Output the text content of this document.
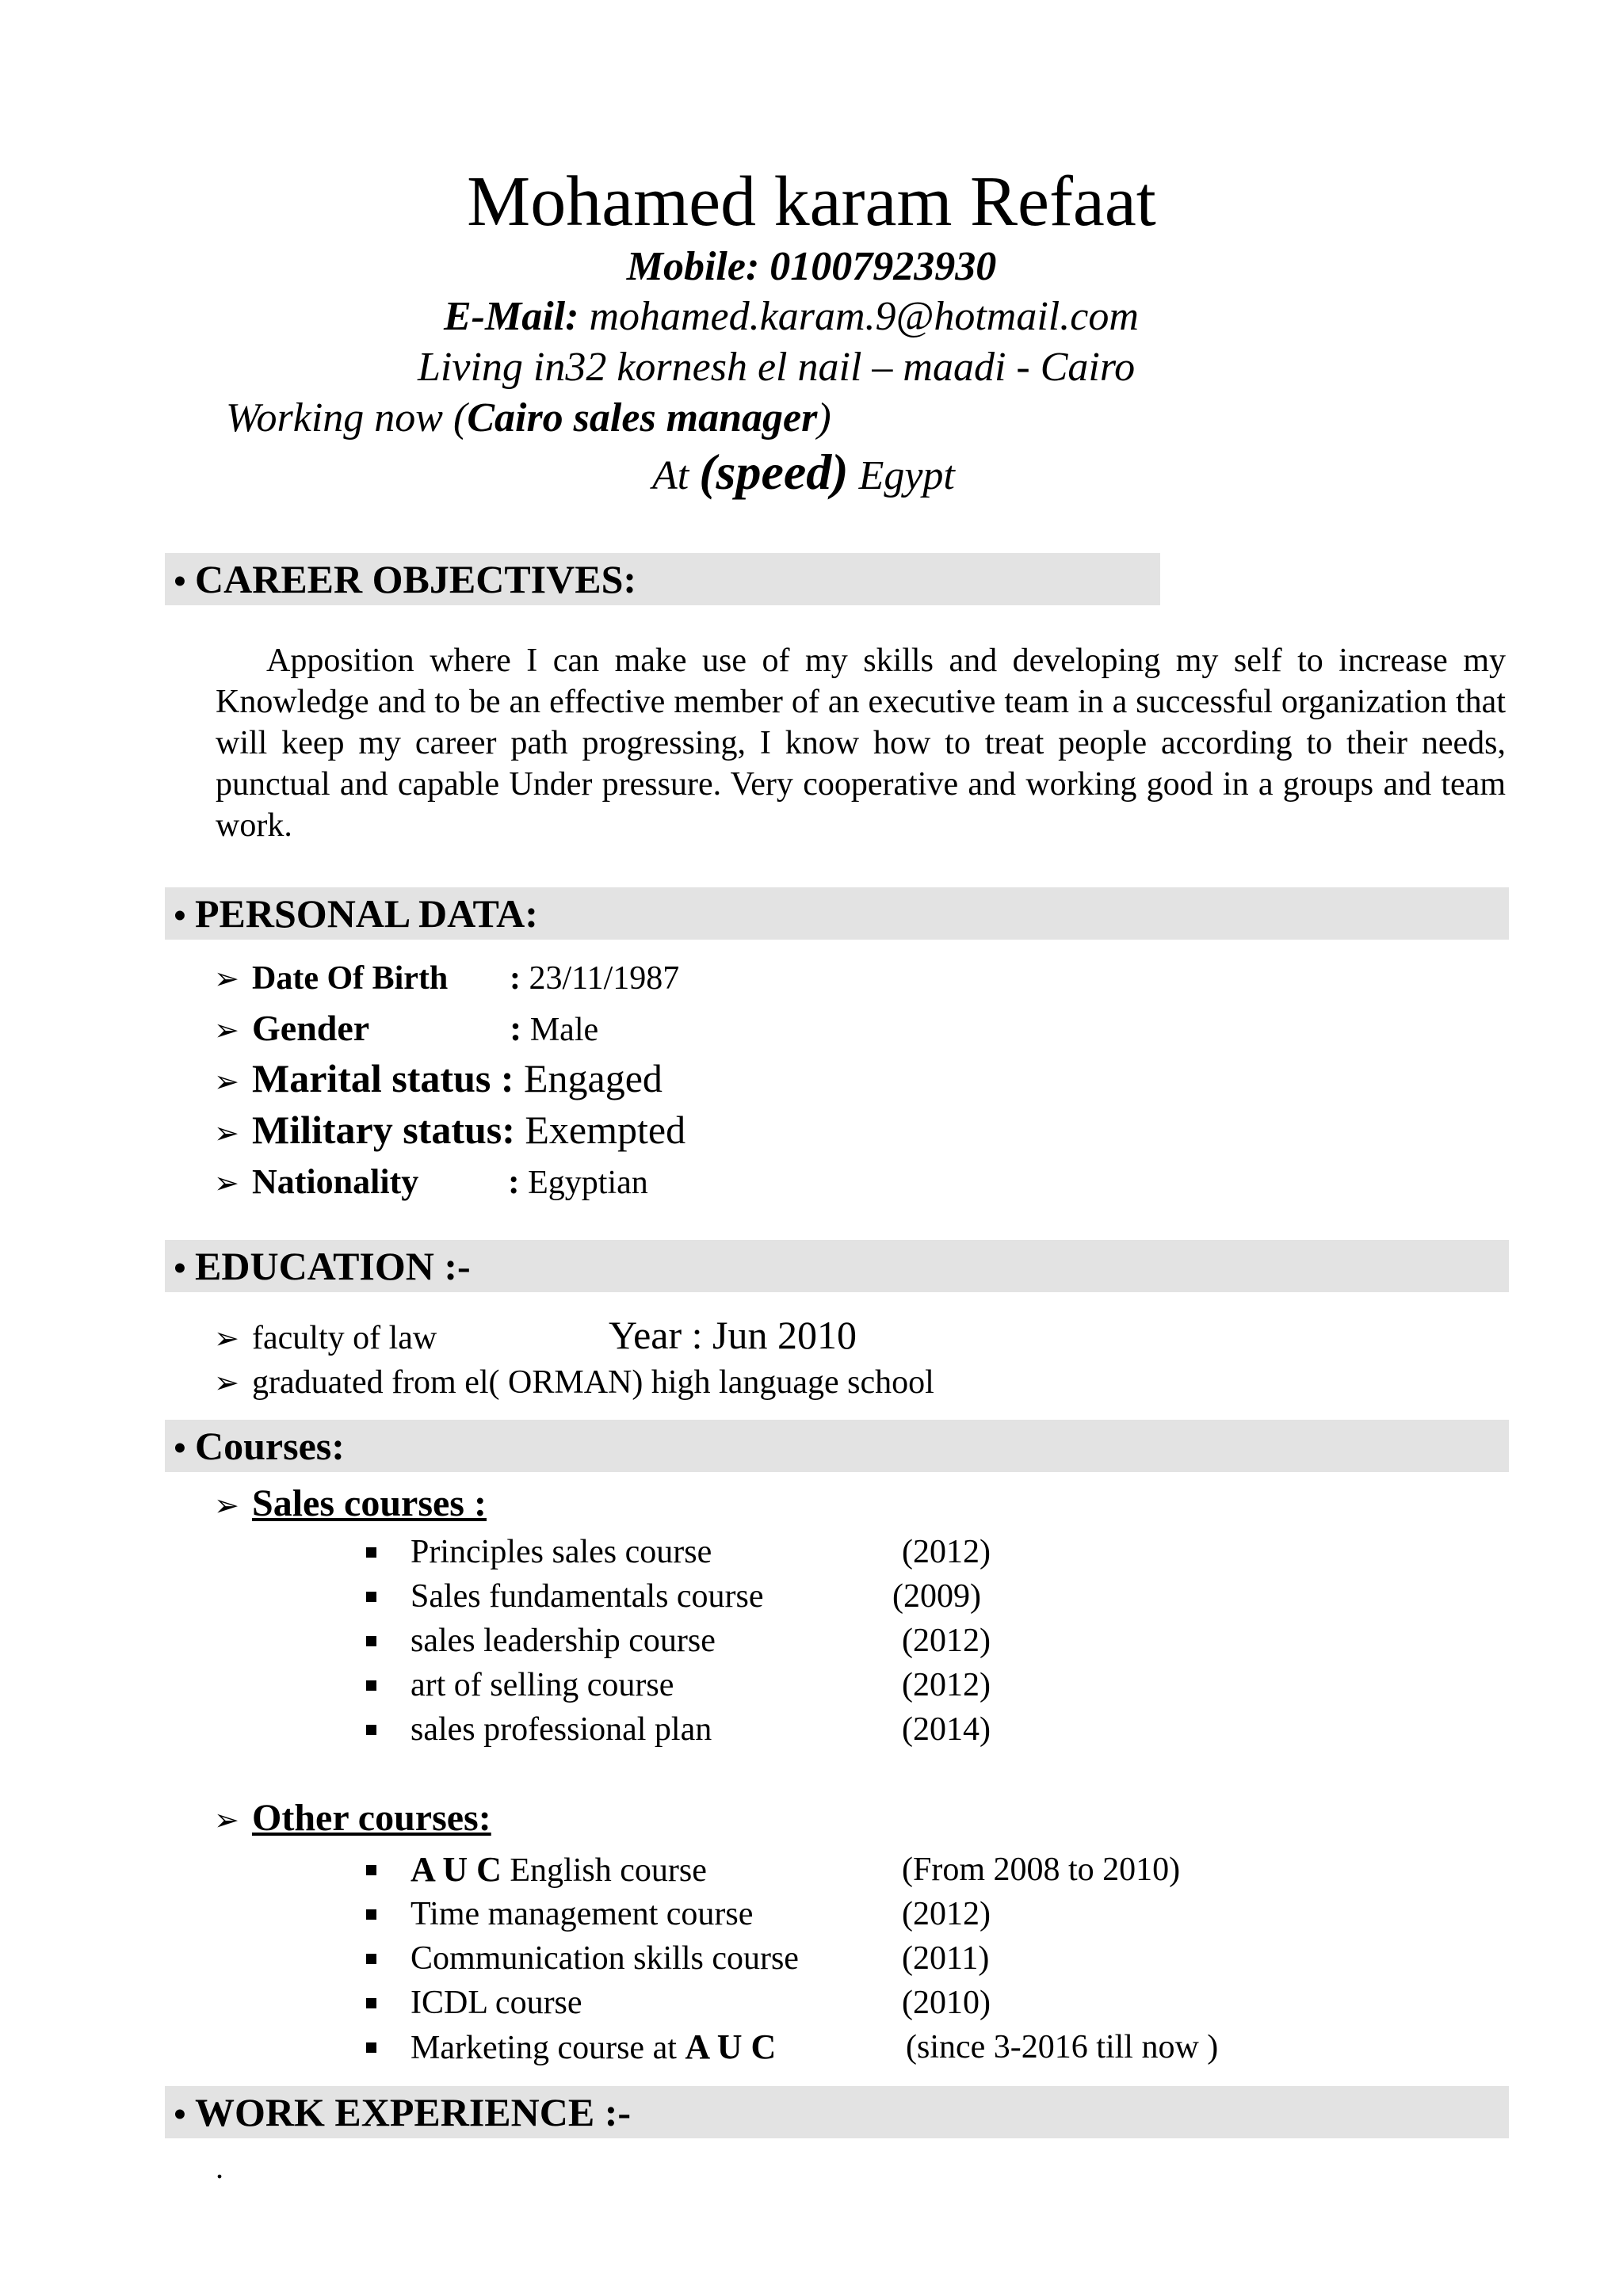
Mohamed karam Refaat
Mobile: 01007923930
E-Mail: mohamed.karam.9@hotmail.com
Living in32 kornesh el nail – maadi - Cairo
Working now (Cairo sales manager)
At (speed) Egypt
• CAREER OBJECTIVES:
Apposition where I can make use of my skills and developing my self to increase my Knowledge and to be an effective member of an executive team in a successful organization that will keep my career path progressing, I know how to treat people according to their needs, punctual and capable Under pressure. Very cooperative and working good in a groups and team work.
• PERSONAL DATA:
➢ Date Of Birth : 23/11/1987
➢ Gender	: Male
➢ Marital status : Engaged
➢ Military status: Exempted
➢ Nationality	: Egyptian
• EDUCATION :-
➢ faculty of law	Year : Jun 2010
➢ graduated from el( ORMAN) high language school
• Courses:
➢ Sales courses :
Principles sales course	(2012)
Sales fundamentals course	(2009)
sales leadership course	(2012)
art of selling course	(2012)
sales professional plan	(2014)
➢ Other courses:
A U C English course	(From 2008 to 2010)
Time management course	(2012)
Communication skills course	(2011)
ICDL course	(2010)
Marketing course at A U C	(since 3-2016 till now )
• WORK EXPERIENCE :-
.
